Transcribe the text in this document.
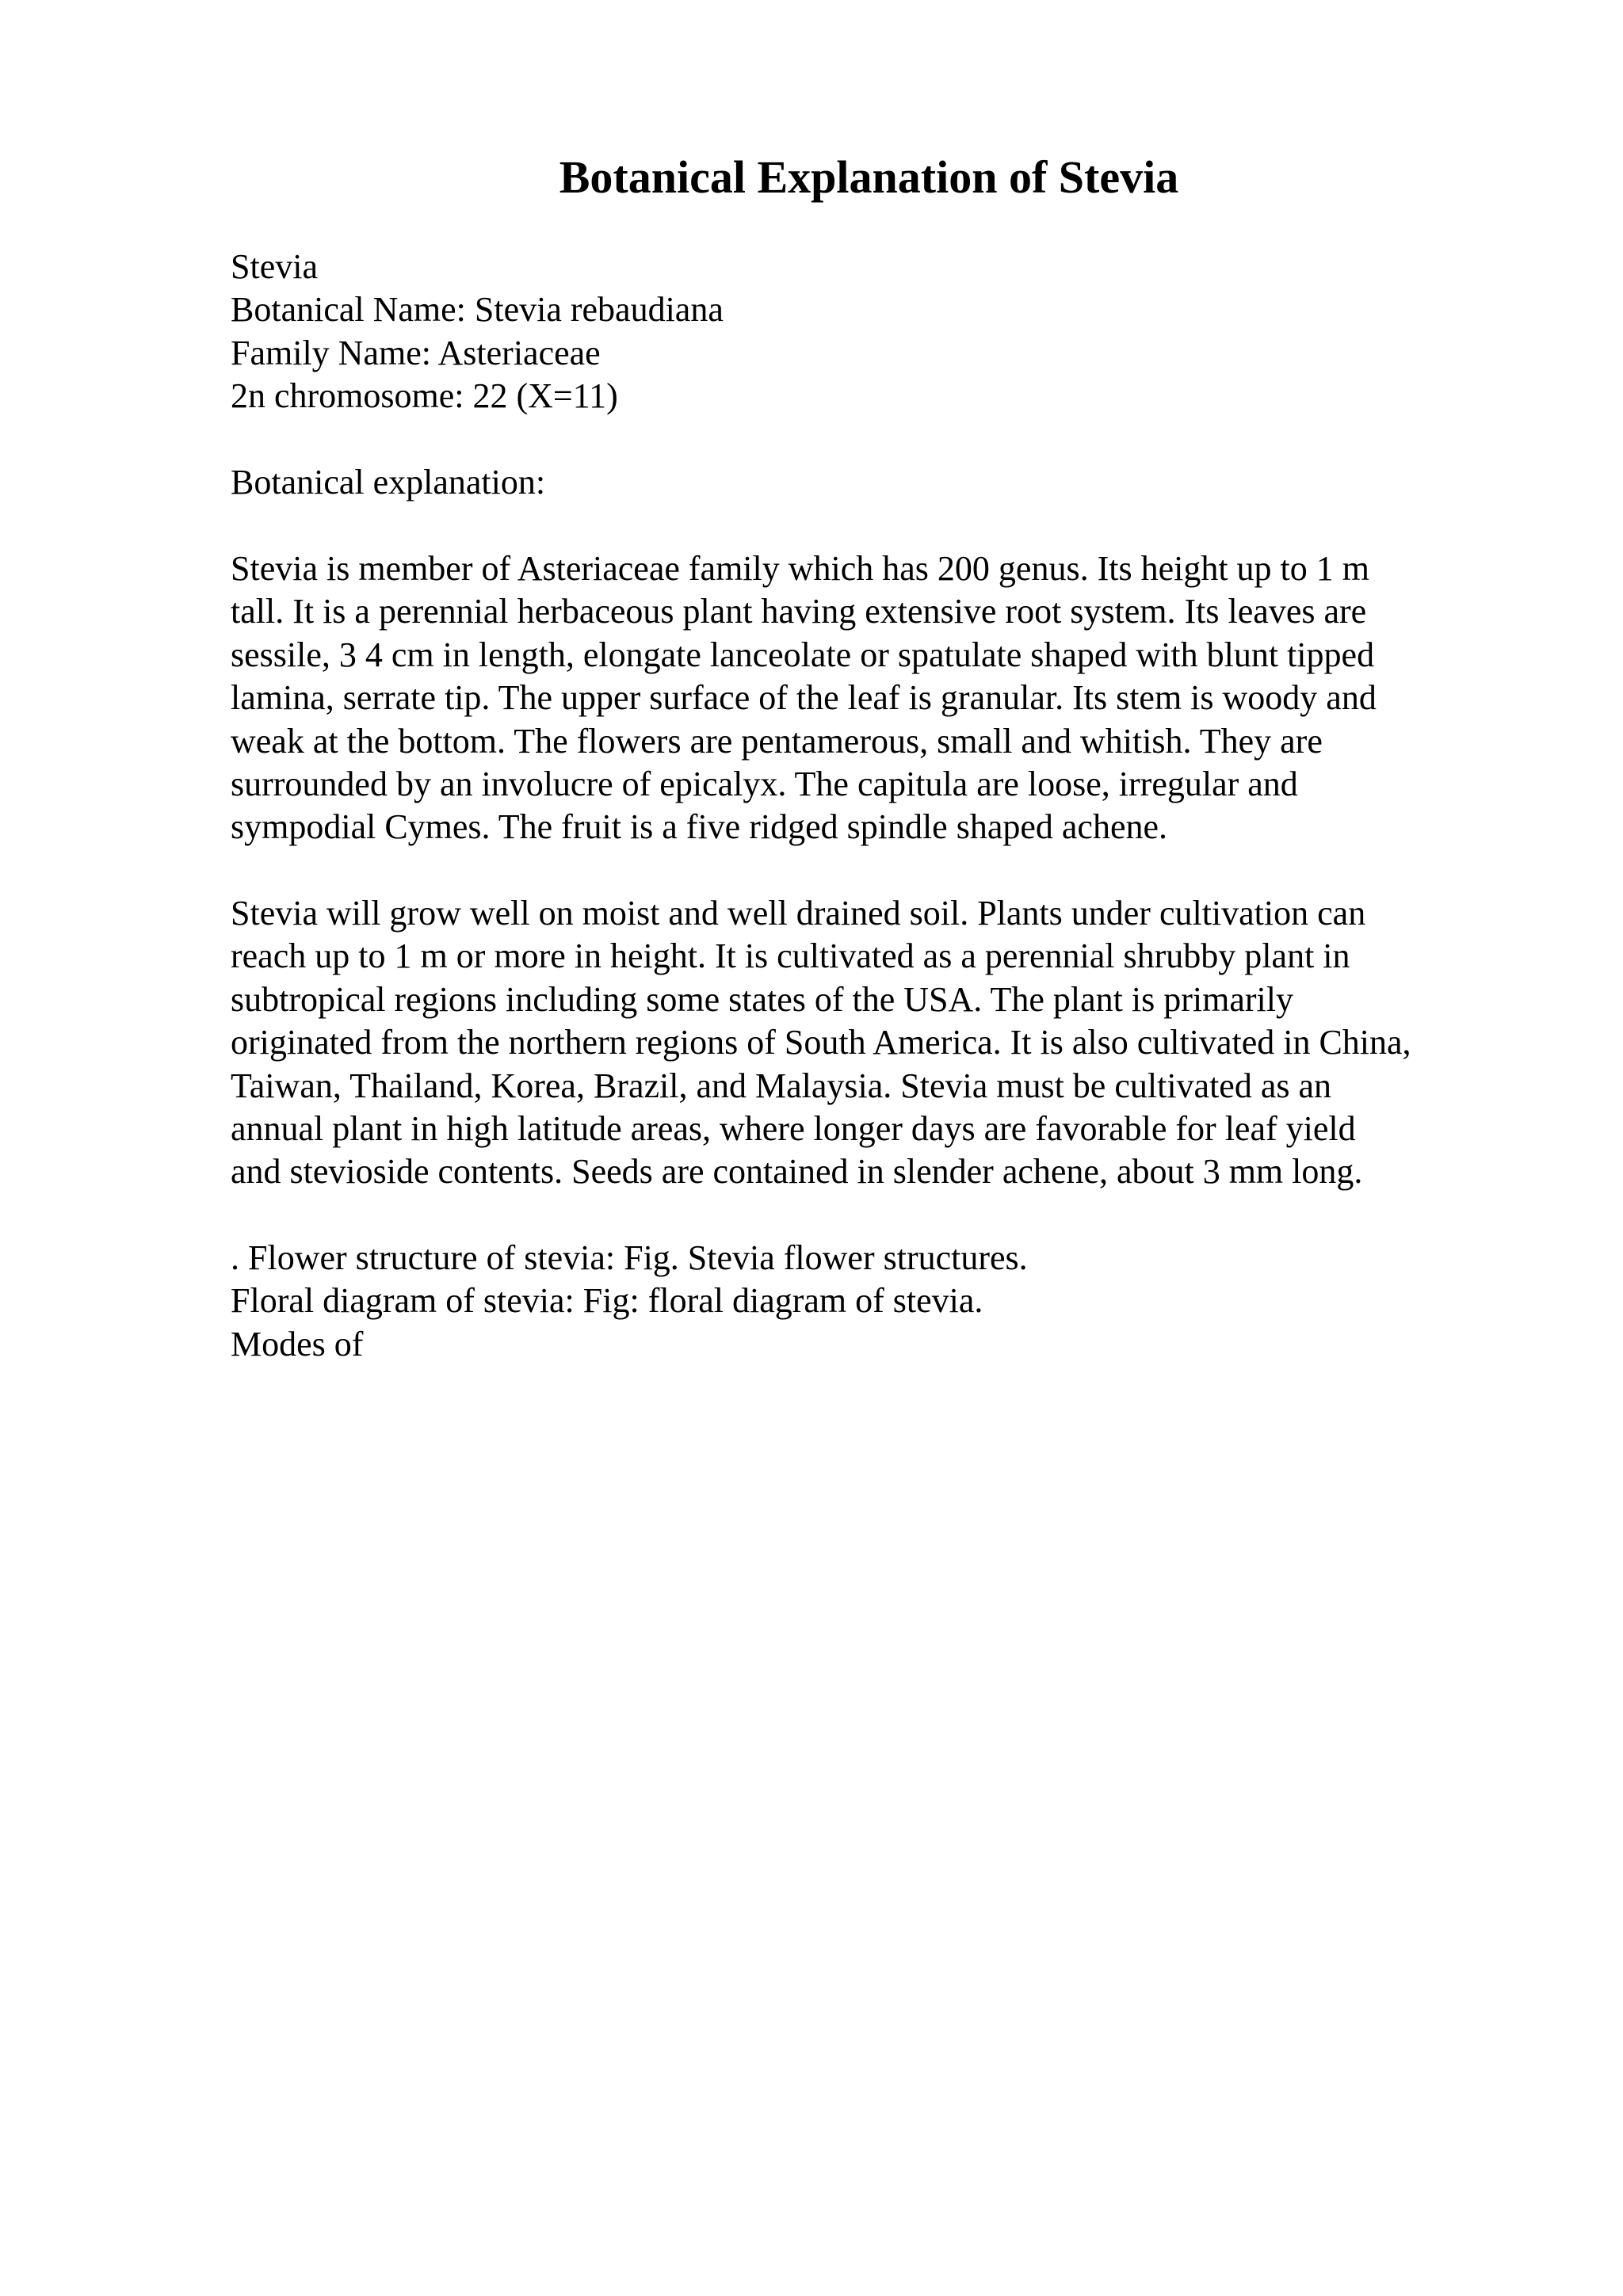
Botanical Explanation of Stevia
Stevia
Botanical Name: Stevia rebaudiana
Family Name: Asteriaceae
2n chromosome: 22 (X=11)
Botanical explanation:
Stevia is member of Asteriaceae family which has 200 genus. Its height up to 1 m
tall. It is a perennial herbaceous plant having extensive root system. Its leaves are
sessile, 3 4 cm in length, elongate lanceolate or spatulate shaped with blunt tipped
lamina, serrate tip. The upper surface of the leaf is granular. Its stem is woody and
weak at the bottom. The flowers are pentamerous, small and whitish. They are
surrounded by an involucre of epicalyx. The capitula are loose, irregular and
sympodial Cymes. The fruit is a five ridged spindle shaped achene.
Stevia will grow well on moist and well drained soil. Plants under cultivation can
reach up to 1 m or more in height. It is cultivated as a perennial shrubby plant in
subtropical regions including some states of the USA. The plant is primarily
originated from the northern regions of South America. It is also cultivated in China,
Taiwan, Thailand, Korea, Brazil, and Malaysia. Stevia must be cultivated as an
annual plant in high latitude areas, where longer days are favorable for leaf yield
and stevioside contents. Seeds are contained in slender achene, about 3 mm long.
. Flower structure of stevia: Fig. Stevia flower structures.
Floral diagram of stevia: Fig: floral diagram of stevia.
Modes of
